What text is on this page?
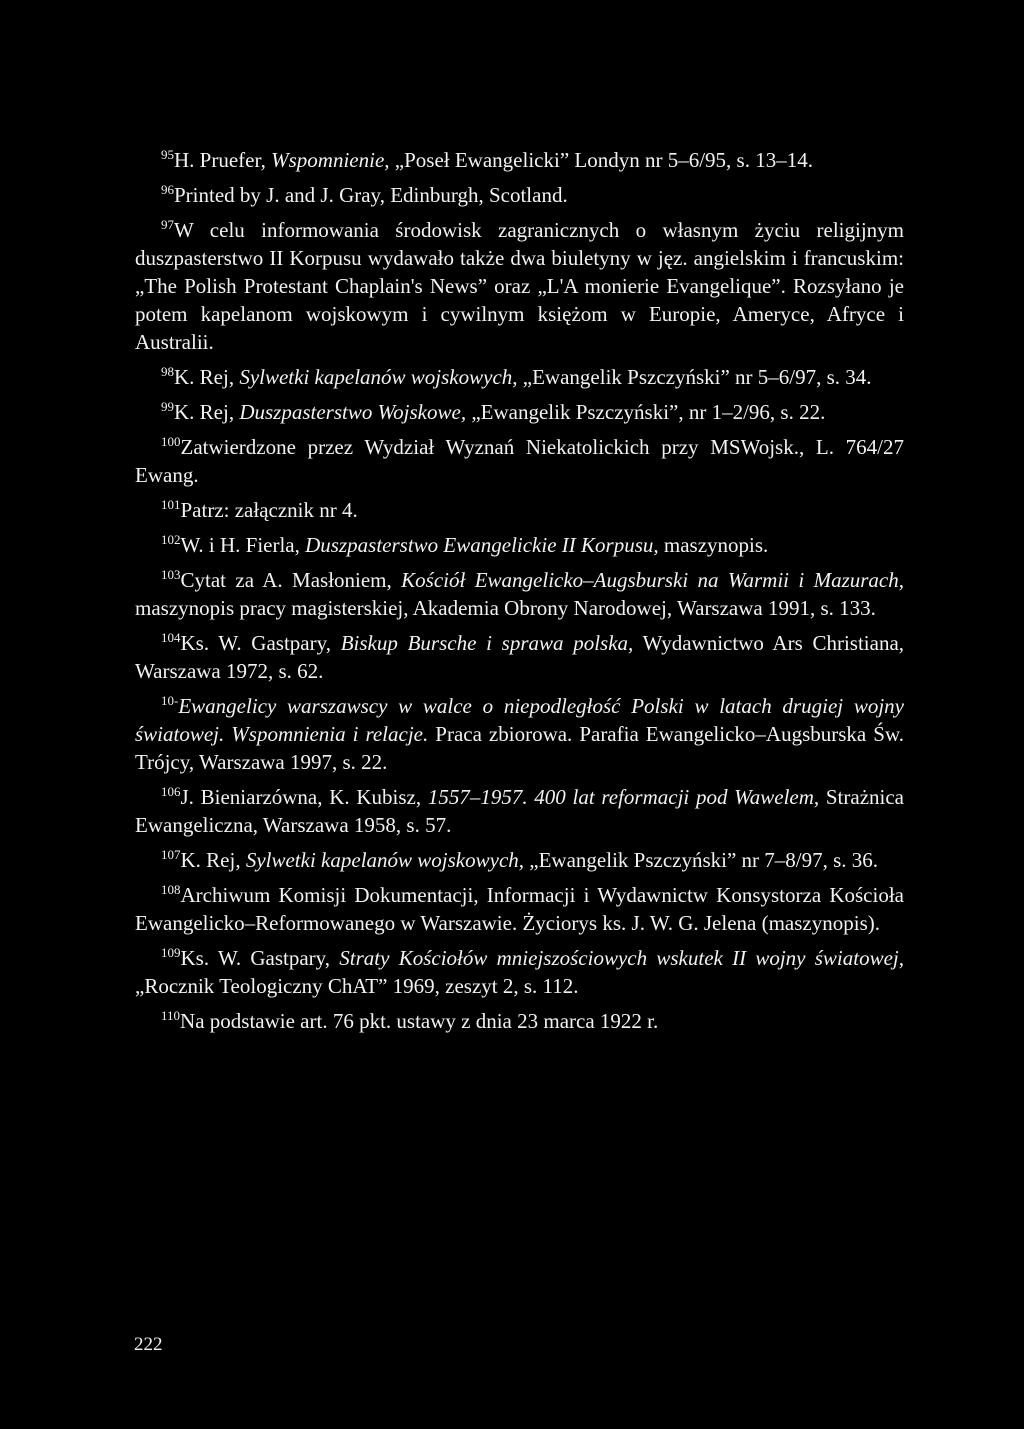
$^{95}$H. Pruefer, Wspomnienie, „Poseł Ewangelicki” Londyn nr 5–6/95, s. 13–14.

$^{96}$Printed by J. and J. Gray, Edinburgh, Scotland.

$^{97}$W celu informowania środowisk zagranicznych o własnym życiu religijnym duszpasterstwo II Korpusu wydawało także dwa biuletyny w jęz. angielskim i francuskim: „The Polish Protestant Chaplain's News” oraz „L'A monierie Evangelique”. Rozsyłano je potem kapelanom wojskowym i cywilnym księżom w Europie, Ameryce, Afryce i Australii.

$^{98}$K. Rej, Sylwetki kapelanów wojskowych, „Ewangelik Pszczyński” nr 5–6/97, s. 34.

$^{99}$K. Rej, Duszpasterstwo Wojskowe, „Ewangelik Pszczyński”, nr 1–2/96, s. 22.

$^{100}$Zatwierdzone przez Wydział Wyznań Niekatolickich przy MSWojsk., L. 764/27 Ewang.

$^{101}$Patrz: załącznik nr 4.

$^{102}$W. i H. Fierla, Duszpasterstwo Ewangelickie II Korpusu, maszynopis.

$^{103}$Cytat za A. Masłoniem, Kościół Ewangelicko–Augsburski na Warmii i Mazurach, maszynopis pracy magisterskiej, Akademia Obrony Narodowej, Warszawa 1991, s. 133.

$^{104}$Ks. W. Gastpary, Biskup Bursche i sprawa polska, Wydawnictwo Ars Christiana, Warszawa 1972, s. 62.

$^{10-}$Ewangelicy warszawscy w walce o niepodległość Polski w latach drugiej wojny światowej. Wspomnienia i relacje. Praca zbiorowa. Parafia Ewangelicko–Augsburska Św. Trójcy, Warszawa 1997, s. 22.

$^{106}$J. Bieniarzówna, K. Kubisz, 1557–1957. 400 lat reformacji pod Wawelem, Strażnica Ewangeliczna, Warszawa 1958, s. 57.

$^{107}$K. Rej, Sylwetki kapelanów wojskowych, „Ewangelik Pszczyński” nr 7–8/97, s. 36.

$^{108}$Archiwum Komisji Dokumentacji, Informacji i Wydawnictw Konsystorza Kościoła Ewangelicko–Reformowanego w Warszawie. Życiorys ks. J. W. G. Jelena (maszynopis).

$^{109}$Ks. W. Gastpary, Straty Kościołów mniejszościowych wskutek II wojny światowej, „Rocznik Teologiczny ChAT” 1969, zeszyt 2, s. 112.

$^{110}$Na podstawie art. 76 pkt. ustawy z dnia 23 marca 1922 r.

222
